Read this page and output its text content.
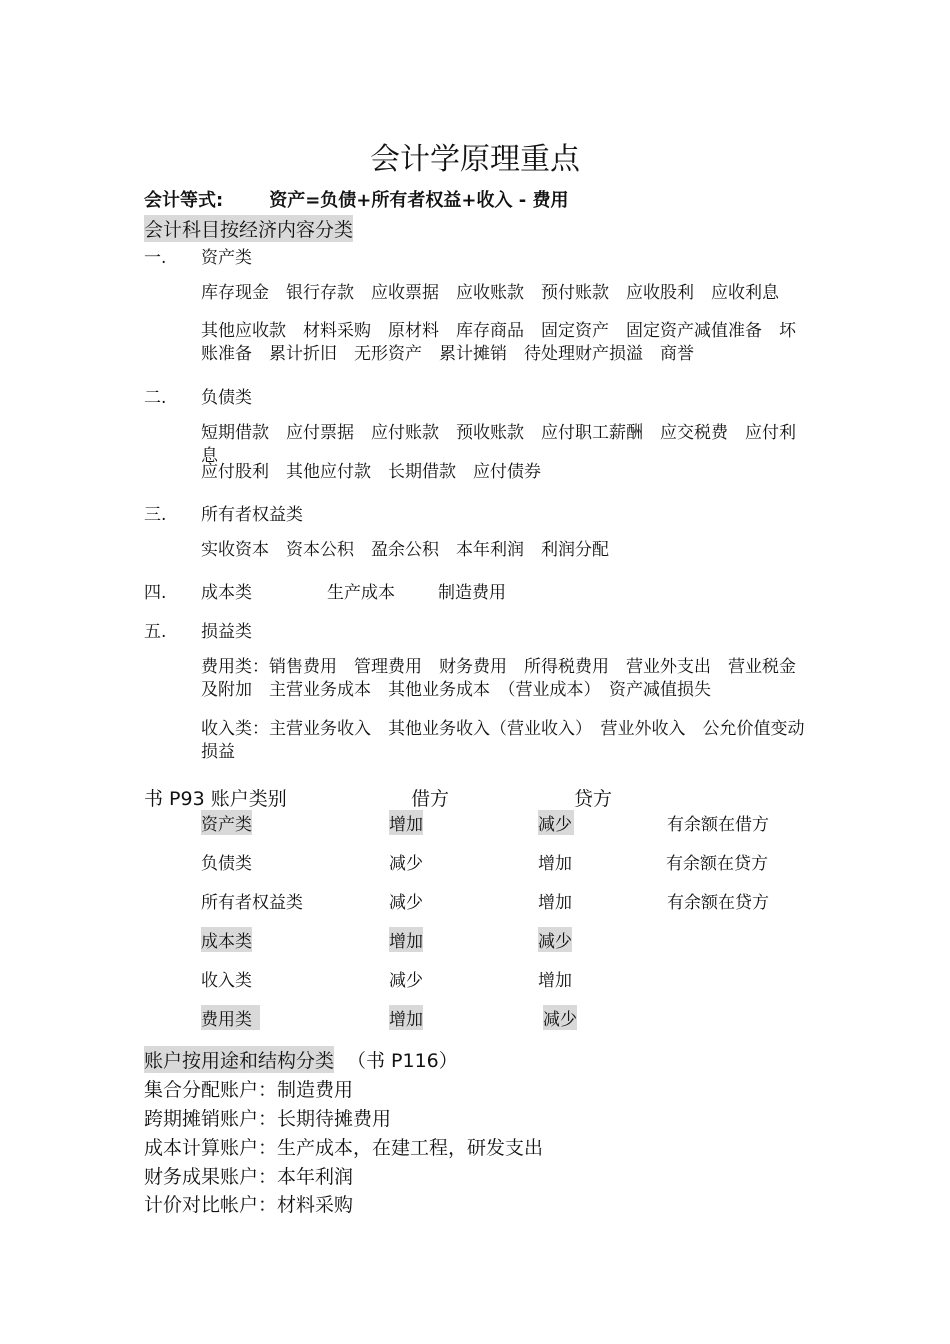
会计学原理重点
会计等式:	资产=负债+所有者权益+收入 - 费用
会计科目按经济内容分类
一. 资产类
库存现金　银行存款　应收票据　应收账款　预付账款　应收股利　应收利息
其他应收款　材料采购　原材料　库存商品　固定资产　固定资产减值准备　坏账准备　累计折旧　无形资产　累计摊销　待处理财产损溢　商誉
二. 负债类
短期借款　应付票据　应付账款　预收账款　应付职工薪酬　应交税费　应付利息
应付股利　其他应付款　长期借款　应付债券
三. 所有者权益类
实收资本　资本公积　盈余公积　本年利润　利润分配
四. 成本类	生产成本	制造费用
五. 损益类
费用类：销售费用　管理费用　财务费用　所得税费用　营业外支出　营业税金及附加　主营业务成本　其他业务成本　（营业成本）　资产减值损失
收入类：主营业务收入　其他业务收入（营业收入）　营业外收入　公允价值变动损益
书 P93 账户类别	借方	贷方
资产类	增加	减少	有余额在借方
负债类	减少	增加	有余额在贷方
所有者权益类	减少	增加	有余额在贷方
成本类	增加	减少
收入类	减少	增加
费用类	增加	减少
账户按用途和结构分类 （书 P116）
集合分配账户：制造费用
跨期摊销账户：长期待摊费用
成本计算账户：生产成本，在建工程，研发支出
财务成果账户：本年利润
计价对比帐户：材料采购
